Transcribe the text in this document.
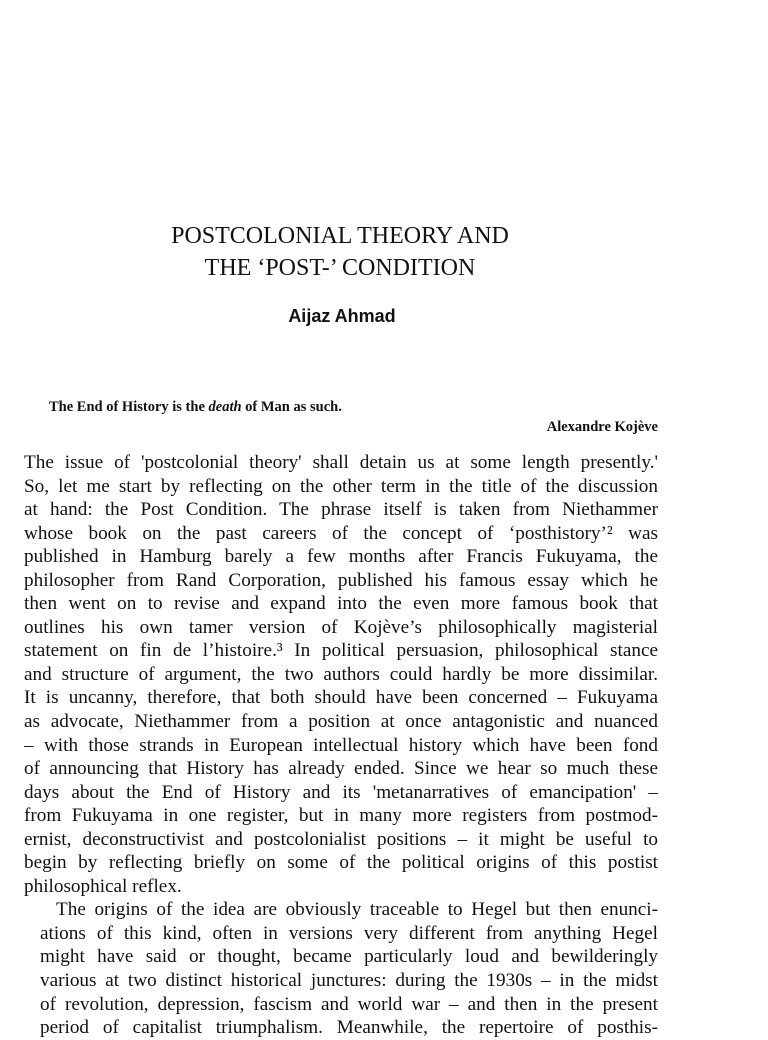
POSTCOLONIAL THEORY AND
THE ‘POST-’ CONDITION
Aijaz Ahmad
The End of History is the death of Man as such.
Alexandre Kojève
The issue of 'postcolonial theory' shall detain us at some length presently.'
So, let me start by reflecting on the other term in the title of the discussion
at hand: the Post Condition. The phrase itself is taken from Niethammer
whose book on the past careers of the concept of ‘posthistory’² was
published in Hamburg barely a few months after Francis Fukuyama, the
philosopher from Rand Corporation, published his famous essay which he
then went on to revise and expand into the even more famous book that
outlines his own tamer version of Kojève’s philosophically magisterial
statement on fin de l’histoire.³ In political persuasion, philosophical stance
and structure of argument, the two authors could hardly be more dissimilar.
It is uncanny, therefore, that both should have been concerned – Fukuyama
as advocate, Niethammer from a position at once antagonistic and nuanced
– with those strands in European intellectual history which have been fond
of announcing that History has already ended. Since we hear so much these
days about the End of History and its 'metanarratives of emancipation' –
from Fukuyama in one register, but in many more registers from postmod-
ernist, deconstructivist and postcolonialist positions – it might be useful to
begin by reflecting briefly on some of the political origins of this postist
philosophical reflex.
The origins of the idea are obviously traceable to Hegel but then enunci-
ations of this kind, often in versions very different from anything Hegel
might have said or thought, became particularly loud and bewilderingly
various at two distinct historical junctures: during the 1930s – in the midst
of revolution, depression, fascism and world war – and then in the present
period of capitalist triumphalism. Meanwhile, the repertoire of posthis-
